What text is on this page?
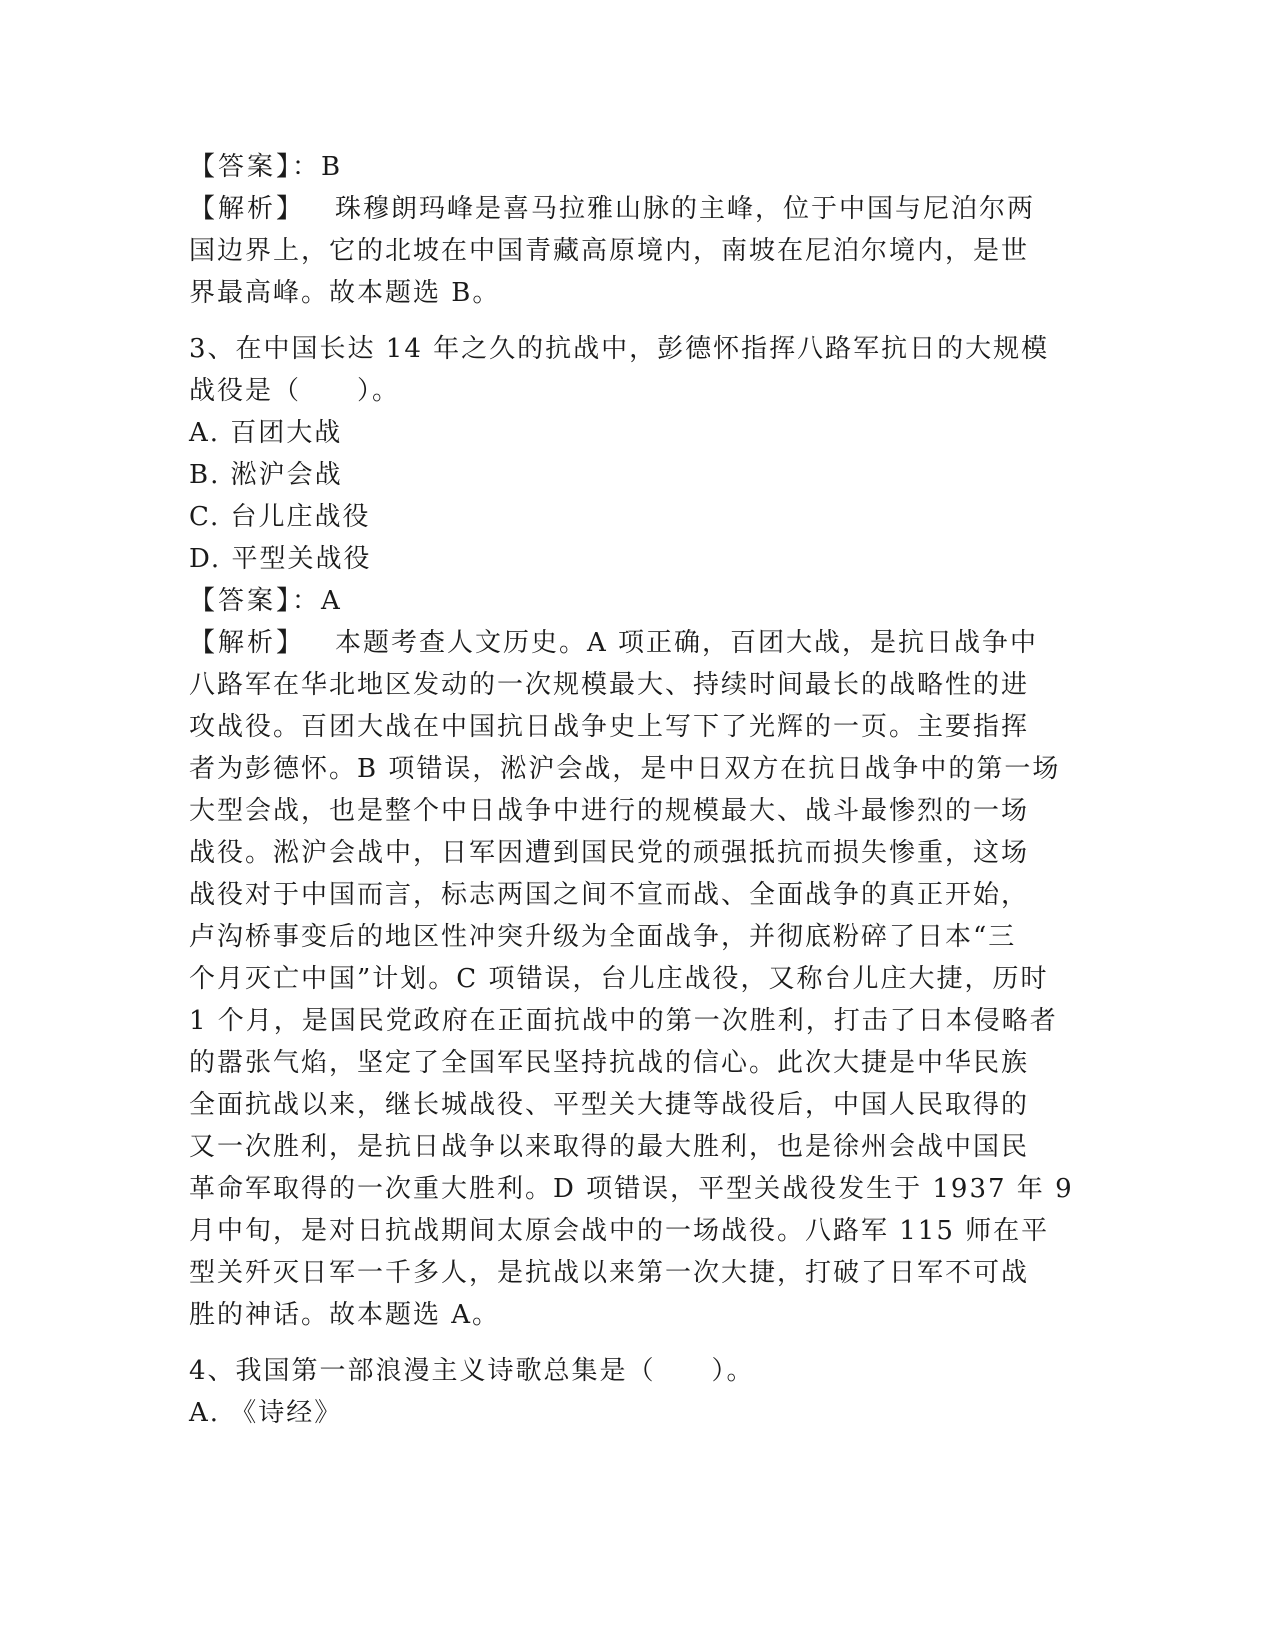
【答案】：B
【解析】 珠穆朗玛峰是喜马拉雅山脉的主峰，位于中国与尼泊尔两
国边界上，它的北坡在中国青藏高原境内，南坡在尼泊尔境内，是世
界最高峰。故本题选 B。
3、在中国长达 14 年之久的抗战中，彭德怀指挥八路军抗日的大规模
战役是（　　）。
A. 百团大战
B. 淞沪会战
C. 台儿庄战役
D. 平型关战役
【答案】：A
【解析】 本题考查人文历史。A 项正确，百团大战，是抗日战争中
八路军在华北地区发动的一次规模最大、持续时间最长的战略性的进
攻战役。百团大战在中国抗日战争史上写下了光辉的一页。主要指挥
者为彭德怀。B 项错误，淞沪会战，是中日双方在抗日战争中的第一场
大型会战，也是整个中日战争中进行的规模最大、战斗最惨烈的一场
战役。淞沪会战中，日军因遭到国民党的顽强抵抗而损失惨重，这场
战役对于中国而言，标志两国之间不宣而战、全面战争的真正开始，
卢沟桥事变后的地区性冲突升级为全面战争，并彻底粉碎了日本“三
个月灭亡中国”计划。C 项错误，台儿庄战役，又称台儿庄大捷，历时
1 个月，是国民党政府在正面抗战中的第一次胜利，打击了日本侵略者
的嚣张气焰，坚定了全国军民坚持抗战的信心。此次大捷是中华民族
全面抗战以来，继长城战役、平型关大捷等战役后，中国人民取得的
又一次胜利，是抗日战争以来取得的最大胜利，也是徐州会战中国民
革命军取得的一次重大胜利。D 项错误，平型关战役发生于 1937 年 9
月中旬，是对日抗战期间太原会战中的一场战役。八路军 115 师在平
型关歼灭日军一千多人，是抗战以来第一次大捷，打破了日军不可战
胜的神话。故本题选 A。
4、我国第一部浪漫主义诗歌总集是（　　）。
A. 《诗经》
